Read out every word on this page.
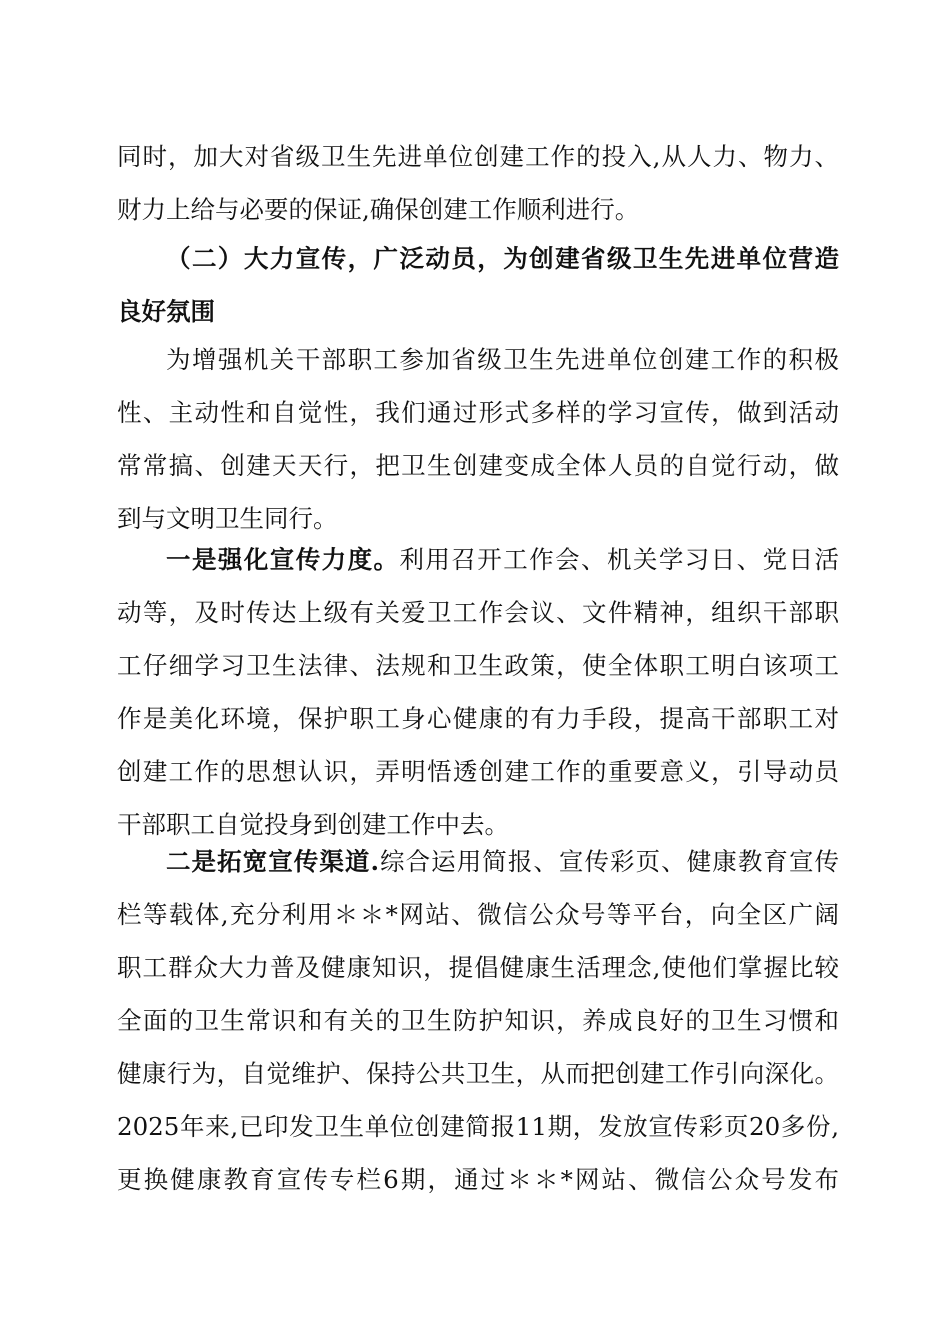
同时，加大对省级卫生先进单位创建工作的投入,从人力、物力、
财力上给与必要的保证,确保创建工作顺利进行。
（二）大力宣传，广泛动员，为创建省级卫生先进单位营造
良好氛围
为增强机关干部职工参加省级卫生先进单位创建工作的积极
性、主动性和自觉性，我们通过形式多样的学习宣传，做到活动
常常搞、创建天天行，把卫生创建变成全体人员的自觉行动，做
到与文明卫生同行。
一是强化宣传力度。利用召开工作会、机关学习日、党日活
动等，及时传达上级有关爱卫工作会议、文件精神，组织干部职
工仔细学习卫生法律、法规和卫生政策，使全体职工明白该项工
作是美化环境，保护职工身心健康的有力手段，提高干部职工对
创建工作的思想认识，弄明悟透创建工作的重要意义，引导动员
干部职工自觉投身到创建工作中去。
二是拓宽宣传渠道.综合运用简报、宣传彩页、健康教育宣传
栏等载体,充分利用＊＊*网站、微信公众号等平台，向全区广阔
职工群众大力普及健康知识，提倡健康生活理念,使他们掌握比较
全面的卫生常识和有关的卫生防护知识，养成良好的卫生习惯和
健康行为，自觉维护、保持公共卫生，从而把创建工作引向深化。
2025年来,已印发卫生单位创建简报11期，发放宣传彩页20多份,
更换健康教育宣传专栏6期，通过＊＊*网站、微信公众号发布
